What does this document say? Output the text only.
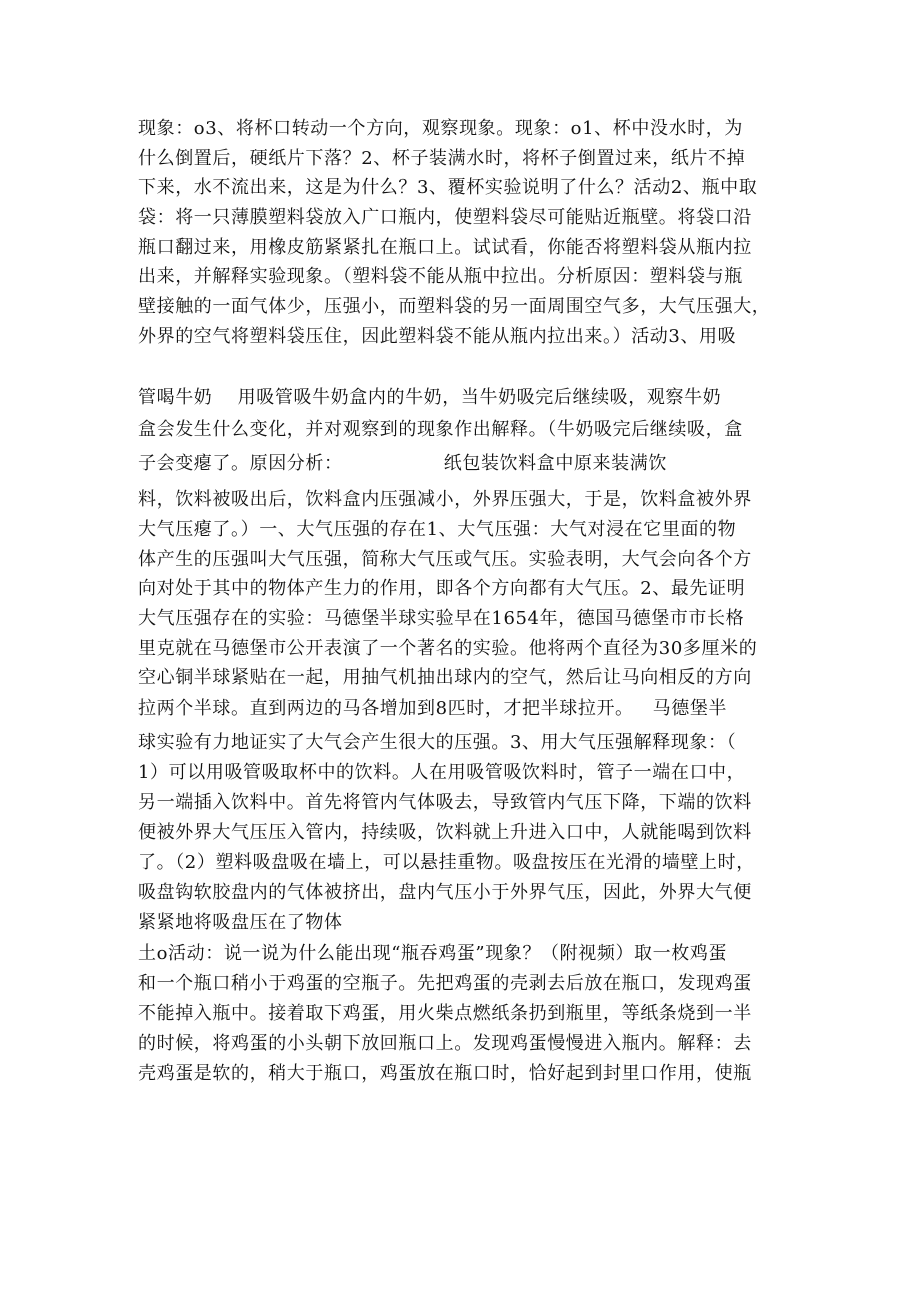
现象：o3、将杯口转动一个方向，观察现象。现象：o1、杯中没水时，为
什么倒置后，硬纸片下落？2、杯子装满水时，将杯子倒置过来，纸片不掉
下来，水不流出来，这是为什么？3、覆杯实验说明了什么？活动2、瓶中取
袋：将一只薄膜塑料袋放入广口瓶内，使塑料袋尽可能贴近瓶壁。将袋口沿
瓶口翻过来，用橡皮筋紧紧扎在瓶口上。试试看，你能否将塑料袋从瓶内拉
出来，并解释实验现象。（塑料袋不能从瓶中拉出。分析原因：塑料袋与瓶
壁接触的一面气体少，压强小，而塑料袋的另一面周围空气多，大气压强大，
外界的空气将塑料袋压住，因此塑料袋不能从瓶内拉出来。）活动3、用吸
管喝牛奶    用吸管吸牛奶盒内的牛奶，当牛奶吸完后继续吸，观察牛奶
盒会发生什么变化，并对观察到的现象作出解释。（牛奶吸完后继续吸，盒
子会变瘪了。原因分析：                纸包装饮料盒中原来装满饮
料，饮料被吸出后，饮料盒内压强减小，外界压强大，于是，饮料盒被外界
大气压瘪了。）一、大气压强的存在1、大气压强：大气对浸在它里面的物
体产生的压强叫大气压强，简称大气压或气压。实验表明，大气会向各个方
向对处于其中的物体产生力的作用，即各个方向都有大气压。2、最先证明
大气压强存在的实验：马德堡半球实验早在1654年，德国马德堡市市长格
里克就在马德堡市公开表演了一个著名的实验。他将两个直径为30多厘米的
空心铜半球紧贴在一起，用抽气机抽出球内的空气，然后让马向相反的方向
拉两个半球。直到两边的马各增加到8匹时，才把半球拉开。   马德堡半
球实验有力地证实了大气会产生很大的压强。3、用大气压强解释现象：（
1）可以用吸管吸取杯中的饮料。人在用吸管吸饮料时，管子一端在口中，
另一端插入饮料中。首先将管内气体吸去，导致管内气压下降，下端的饮料
便被外界大气压压入管内，持续吸，饮料就上升进入口中，人就能喝到饮料
了。（2）塑料吸盘吸在墙上，可以悬挂重物。吸盘按压在光滑的墙壁上时，
吸盘钩软胶盘内的气体被挤出，盘内气压小于外界气压，因此，外界大气便
紧紧地将吸盘压在了物体
土o活动：说一说为什么能出现“瓶吞鸡蛋”现象？（附视频）取一枚鸡蛋
和一个瓶口稍小于鸡蛋的空瓶子。先把鸡蛋的壳剥去后放在瓶口，发现鸡蛋
不能掉入瓶中。接着取下鸡蛋，用火柴点燃纸条扔到瓶里，等纸条烧到一半
的时候，将鸡蛋的小头朝下放回瓶口上。发现鸡蛋慢慢进入瓶内。解释：去
壳鸡蛋是软的，稍大于瓶口，鸡蛋放在瓶口时，恰好起到封里口作用，使瓶
